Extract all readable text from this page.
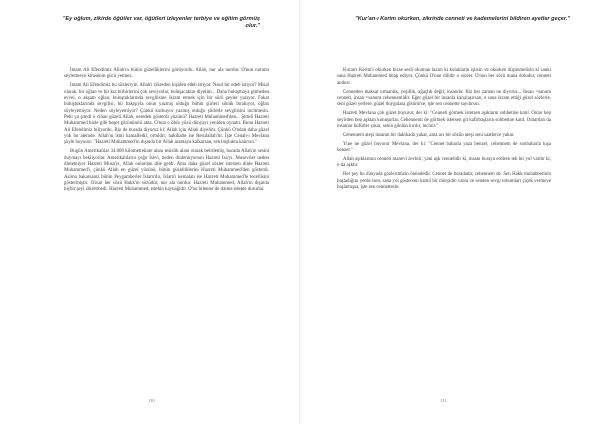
"Ey oğlum, zikirde öğütler var, öğütleri izleyenler terbiye ve eğitim görmüş olur."

İmam Ali Efendimiz Allah'ın bütün güzelliklerini görüyordu. Allah, nur ala nurdur. O'nun nurunu seyretmeye kimsenin gücü yetmez.

İmam Ali Efendimiz bu sözleriyle, Allah'ı zikreden kişiden edeb istiyor. Nasıl bir edeb istiyor? Misal olarak; bir oğlan ve bir kız birbirlerini çok seviyorlar, buluşacaklar diyelim... Daha buluşmaya gitmeden evvel, o akşam oğlan, buluştuklarında sevgilisine ikram etmek için bir sürü şeyler yazıyor. Fakat buluştuklarında sevgilisi, bir bakışıyla onun yazmış olduğu bütün şiirleri sönük bırakıyor, oğlan söyleyemiyor. Neden söyleyemiyor? Çünkü korkuyor yazmış olduğu şiirlerle sevgilisini incitmesin. Peki ya şimdi o cihan güzeli Allah, nereden gösterdi yüzünü? Hazreti Muhammed'den... Şimdi Hazreti Muhammed bizle gibi beşer görünümlü ama, O'nun o öbür yüzü dünyayı yeniden oynatır. Bunu Hazreti Ali Efendimiz biliyordu. Biz de burada diyoruz ki: Allah için Allah diyelim. Çünkü O'ndan daha güzel yok bu alemde. Allah'ın ismi kamalfedir, ortuldır; hakikatte ise Resulallah'tır. İşte Cenab-ı Mevlana şöyle buyurur: "Hazreti Muhammed'in dışında bir Allah aramaya kalkarsan, sen boşlukta kalırsın."

Bugün Amerikalılar 34.000 kilometrekare alanı tesislik alanı olarak belirlemiş, burada Allah'ın sesini duymayı bekliyorlar. Amerikalıların çoğu İsevi, neden dinlemiyorsun Hazreti İsa'yı. Museviler neden dinlemiyor Hazreti Musa'yı, Allah onlardan dile geldi. Ama daha güzel sözler istersen dinle Hazreti Muhammed'i, çünkü Allah en güzel yüzünü, bütün güzelliklerini Hazreti Muhammed'den gösterdi. Aslına bakarsanız bütün Peygamberler İslam'dır, İslam'ı kemalatı ise Hazreti Muhammed'le tecellisini göstermiştir. O'nun her sözü Hakk'ın sözüdür, nur ala nurdur. Hazreti Muhammed, Allah'ın dışında hiçbir şeyi zikretmedi. Hazreti Muhammed, edebin kaynağıdır. O'nu bilenler de daima edepte dururlar.

110
"Kur'an-ı Kerim okurken, zikrinde cenneti ve kademelerini bildiren ayetler geçer."

Kuran'ı Kerim'i okurken bizse sesli okuman lazım ki kulakların işitsin ve okurken düşünmelisin ki sanki sana Hazreti Muhammed hitap ediyor. Çünkü O'nun dilidir o sözler. O'nun her sözü mana doludur, cenneti andırır.

Cennetten maksat ormanlık, yeşillik, ağaçlık değil; insandır. Biz her zaman ne diyoruz... İnsan =sanum cenneti, insan =sanum cehennemidir. Eğer güzel bir insanla karşılaşırsan, o sana ikram ettiği güzel sözlerle, seni güzel yerlere, güzel duygulara götürürse, işte sen cennette sayılırsın.

Hazreti Mevlana çok güzel buyurur, der ki: "Cenneti görmek istersen aşıkların sohbetine katıl. Onlar hep seyirden hep aşktan konuşurlar. Cehennemi de görmek istersen git kafirbaşların sohbetine katıl. Onlardan da insanlar küfürler çıkar, senin gönlün kırılır, incinir."

Cehennem ateşi insanın bir dakikada yakar, ama acı bir sözün ateşi seni saatlerce yakar.

Yine ne güzel buyurur Mevlana, der ki: "Cennet baharla yaza benzer, cehennem de sonbaharla kışa benzer."

Allah aşıklarının cenneti manevi zevktir, yani aşk cennetidir ki, insanı buraya erdiren tek bir yol vardır ki, o da aşktır.

Her şey bu dünyada gözlerimizin önündedir. Cennet de buradadır, cehennem de. Sen Hakk muhabbetinin başladığını yerde isen, sana yol göstersen kamil bir mürşidin varsa ve senden sevgi tohumları çiçek vermeye başlamışsa, işte sen cennettesin.

111
